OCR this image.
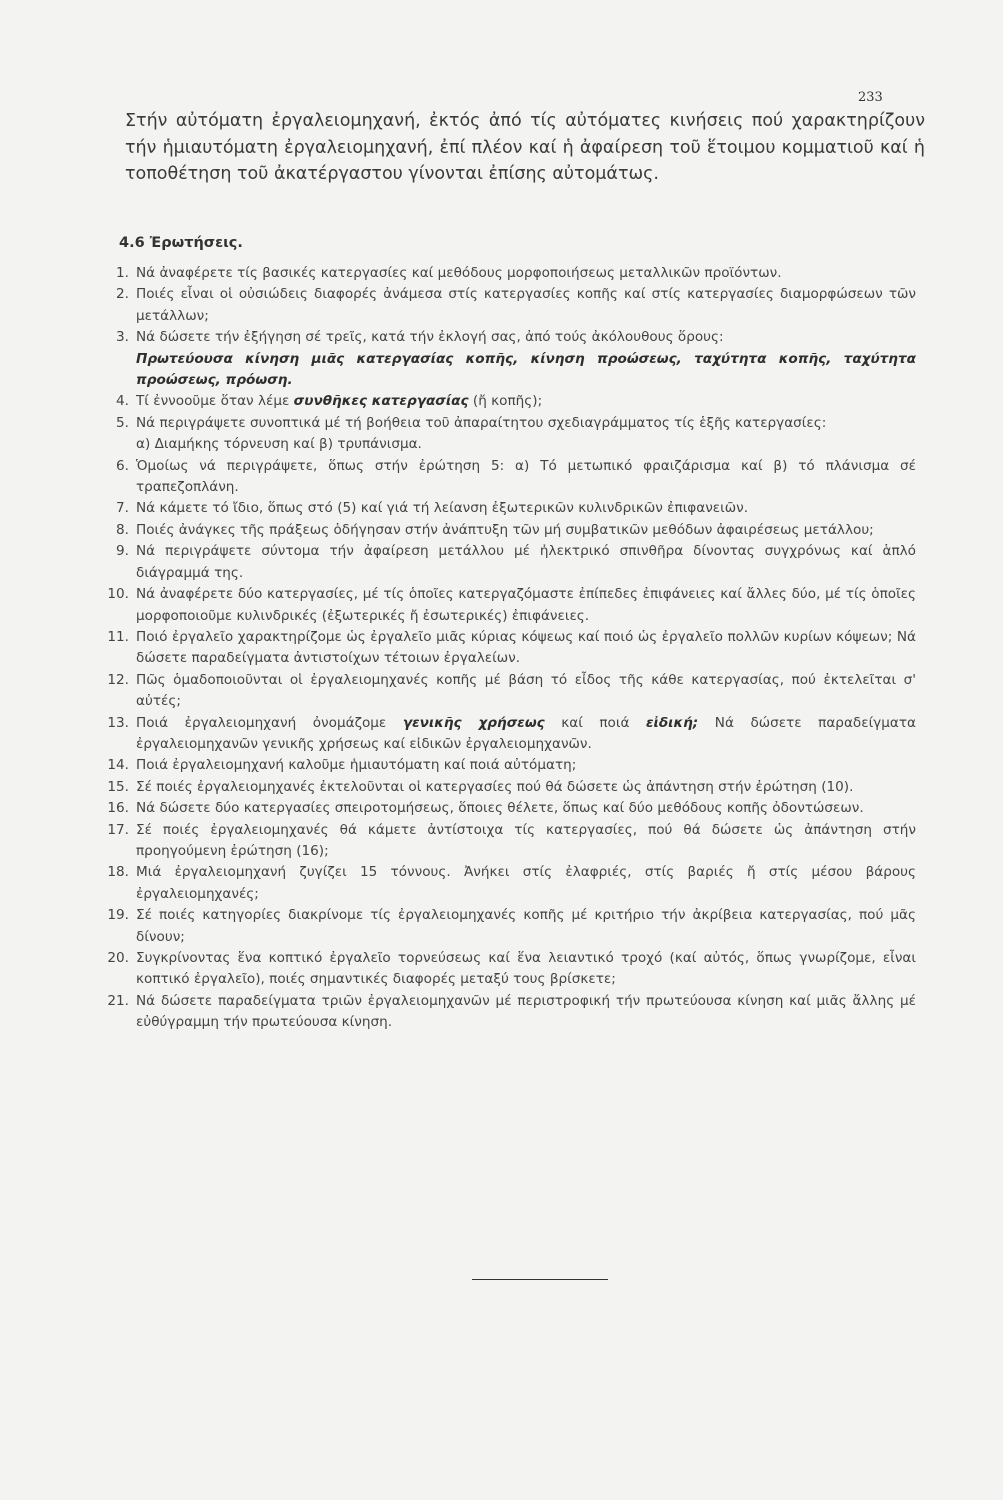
233

Στήν αὐτόματη ἐργαλειομηχανή, ἐκτός ἀπό τίς αὐτόματες κινήσεις πού χαρακτηρίζουν τήν ἡμιαυτόματη ἐργαλειομηχανή, ἐπί πλέον καί ἡ ἀφαίρεση τοῦ ἕτοιμου κομματιοῦ καί ἡ τοποθέτηση τοῦ ἀκατέργαστου γίνονται ἐπίσης αὐτομάτως.

4.6 Ἐρωτήσεις.
1. Νά ἀναφέρετε τίς βασικές κατεργασίες καί μεθόδους μορφοποιήσεως μεταλλικῶν προϊόντων.
2. Ποιές εἶναι οἱ οὐσιώδεις διαφορές ἀνάμεσα στίς κατεργασίες κοπῆς καί στίς κατεργασίες διαμορφώσεων τῶν μετάλλων;
3. Νά δώσετε τήν ἐξήγηση σέ τρεῖς, κατά τήν ἐκλογή σας, ἀπό τούς ἀκόλουθους ὅρους:
Πρωτεύουσα κίνηση μιᾶς κατεργασίας κοπῆς, κίνηση προώσεως, ταχύτητα κοπῆς, ταχύτητα προώσεως, πρόωση.
4. Τί ἐννοοῦμε ὅταν λέμε συνθῆκες κατεργασίας (ἤ κοπῆς);
5. Νά περιγράψετε συνοπτικά μέ τή βοήθεια τοῦ ἀπαραίτητου σχεδιαγράμματος τίς ἑξῆς κατεργασίες:
α) Διαμήκης τόρνευση καί β) τρυπάνισμα.
6. Ὁμοίως νά περιγράψετε, ὅπως στήν ἐρώτηση 5: α) Τό μετωπικό φραιζάρισμα καί β) τό πλάνισμα σέ τραπεζοπλάνη.
7. Νά κάμετε τό ἴδιο, ὅπως στό (5) καί γιά τή λείανση ἐξωτερικῶν κυλινδρικῶν ἐπιφανειῶν.
8. Ποιές ἀνάγκες τῆς πράξεως ὁδήγησαν στήν ἀνάπτυξη τῶν μή συμβατικῶν μεθόδων ἀφαιρέσεως μετάλλου;
9. Νά περιγράψετε σύντομα τήν ἀφαίρεση μετάλλου μέ ἠλεκτρικό σπινθῆρα δίνοντας συγχρόνως καί ἁπλό διάγραμμά της.
10. Νά ἀναφέρετε δύο κατεργασίες, μέ τίς ὁποῖες κατεργαζόμαστε ἐπίπεδες ἐπιφάνειες καί ἄλλες δύο, μέ τίς ὁποῖες μορφοποιοῦμε κυλινδρικές (ἐξωτερικές ἤ ἐσωτερικές) ἐπιφάνειες.
11. Ποιό ἐργαλεῖο χαρακτηρίζομε ὡς ἐργαλεῖο μιᾶς κύριας κόψεως καί ποιό ὡς ἐργαλεῖο πολλῶν κυρίων κόψεων; Νά δώσετε παραδείγματα ἀντιστοίχων τέτοιων ἐργαλείων.
12. Πῶς ὁμαδοποιοῦνται οἱ ἐργαλειομηχανές κοπῆς μέ βάση τό εἶδος τῆς κάθε κατεργασίας, πού ἐκτελεῖται σ' αὐτές;
13. Ποιά ἐργαλειομηχανή ὀνομάζομε γενικῆς χρήσεως καί ποιά εἰδική; Νά δώσετε παραδείγματα ἐργαλειομηχανῶν γενικῆς χρήσεως καί εἰδικῶν ἐργαλειομηχανῶν.
14. Ποιά ἐργαλειομηχανή καλοῦμε ἡμιαυτόματη καί ποιά αὐτόματη;
15. Σέ ποιές ἐργαλειομηχανές ἐκτελοῦνται οἱ κατεργασίες πού θά δώσετε ὡς ἀπάντηση στήν ἐρώτηση (10).
16. Νά δώσετε δύο κατεργασίες σπειροτομήσεως, ὅποιες θέλετε, ὅπως καί δύο μεθόδους κοπῆς ὀδοντώσεων.
17. Σέ ποιές ἐργαλειομηχανές θά κάμετε ἀντίστοιχα τίς κατεργασίες, πού θά δώσετε ὡς ἀπάντηση στήν προηγούμενη ἐρώτηση (16);
18. Μιά ἐργαλειομηχανή ζυγίζει 15 τόννους. Ἀνήκει στίς ἐλαφριές, στίς βαριές ἤ στίς μέσου βάρους ἐργαλειομηχανές;
19. Σέ ποιές κατηγορίες διακρίνομε τίς ἐργαλειομηχανές κοπῆς μέ κριτήριο τήν ἀκρίβεια κατεργασίας, πού μᾶς δίνουν;
20. Συγκρίνοντας ἕνα κοπτικό ἐργαλεῖο τορνεύσεως καί ἕνα λειαντικό τροχό (καί αὐτός, ὅπως γνωρίζομε, εἶναι κοπτικό ἐργαλεῖο), ποιές σημαντικές διαφορές μεταξύ τους βρίσκετε;
21. Νά δώσετε παραδείγματα τριῶν ἐργαλειομηχανῶν μέ περιστροφική τήν πρωτεύουσα κίνηση καί μιᾶς ἄλλης μέ εὐθύγραμμη τήν πρωτεύουσα κίνηση.
